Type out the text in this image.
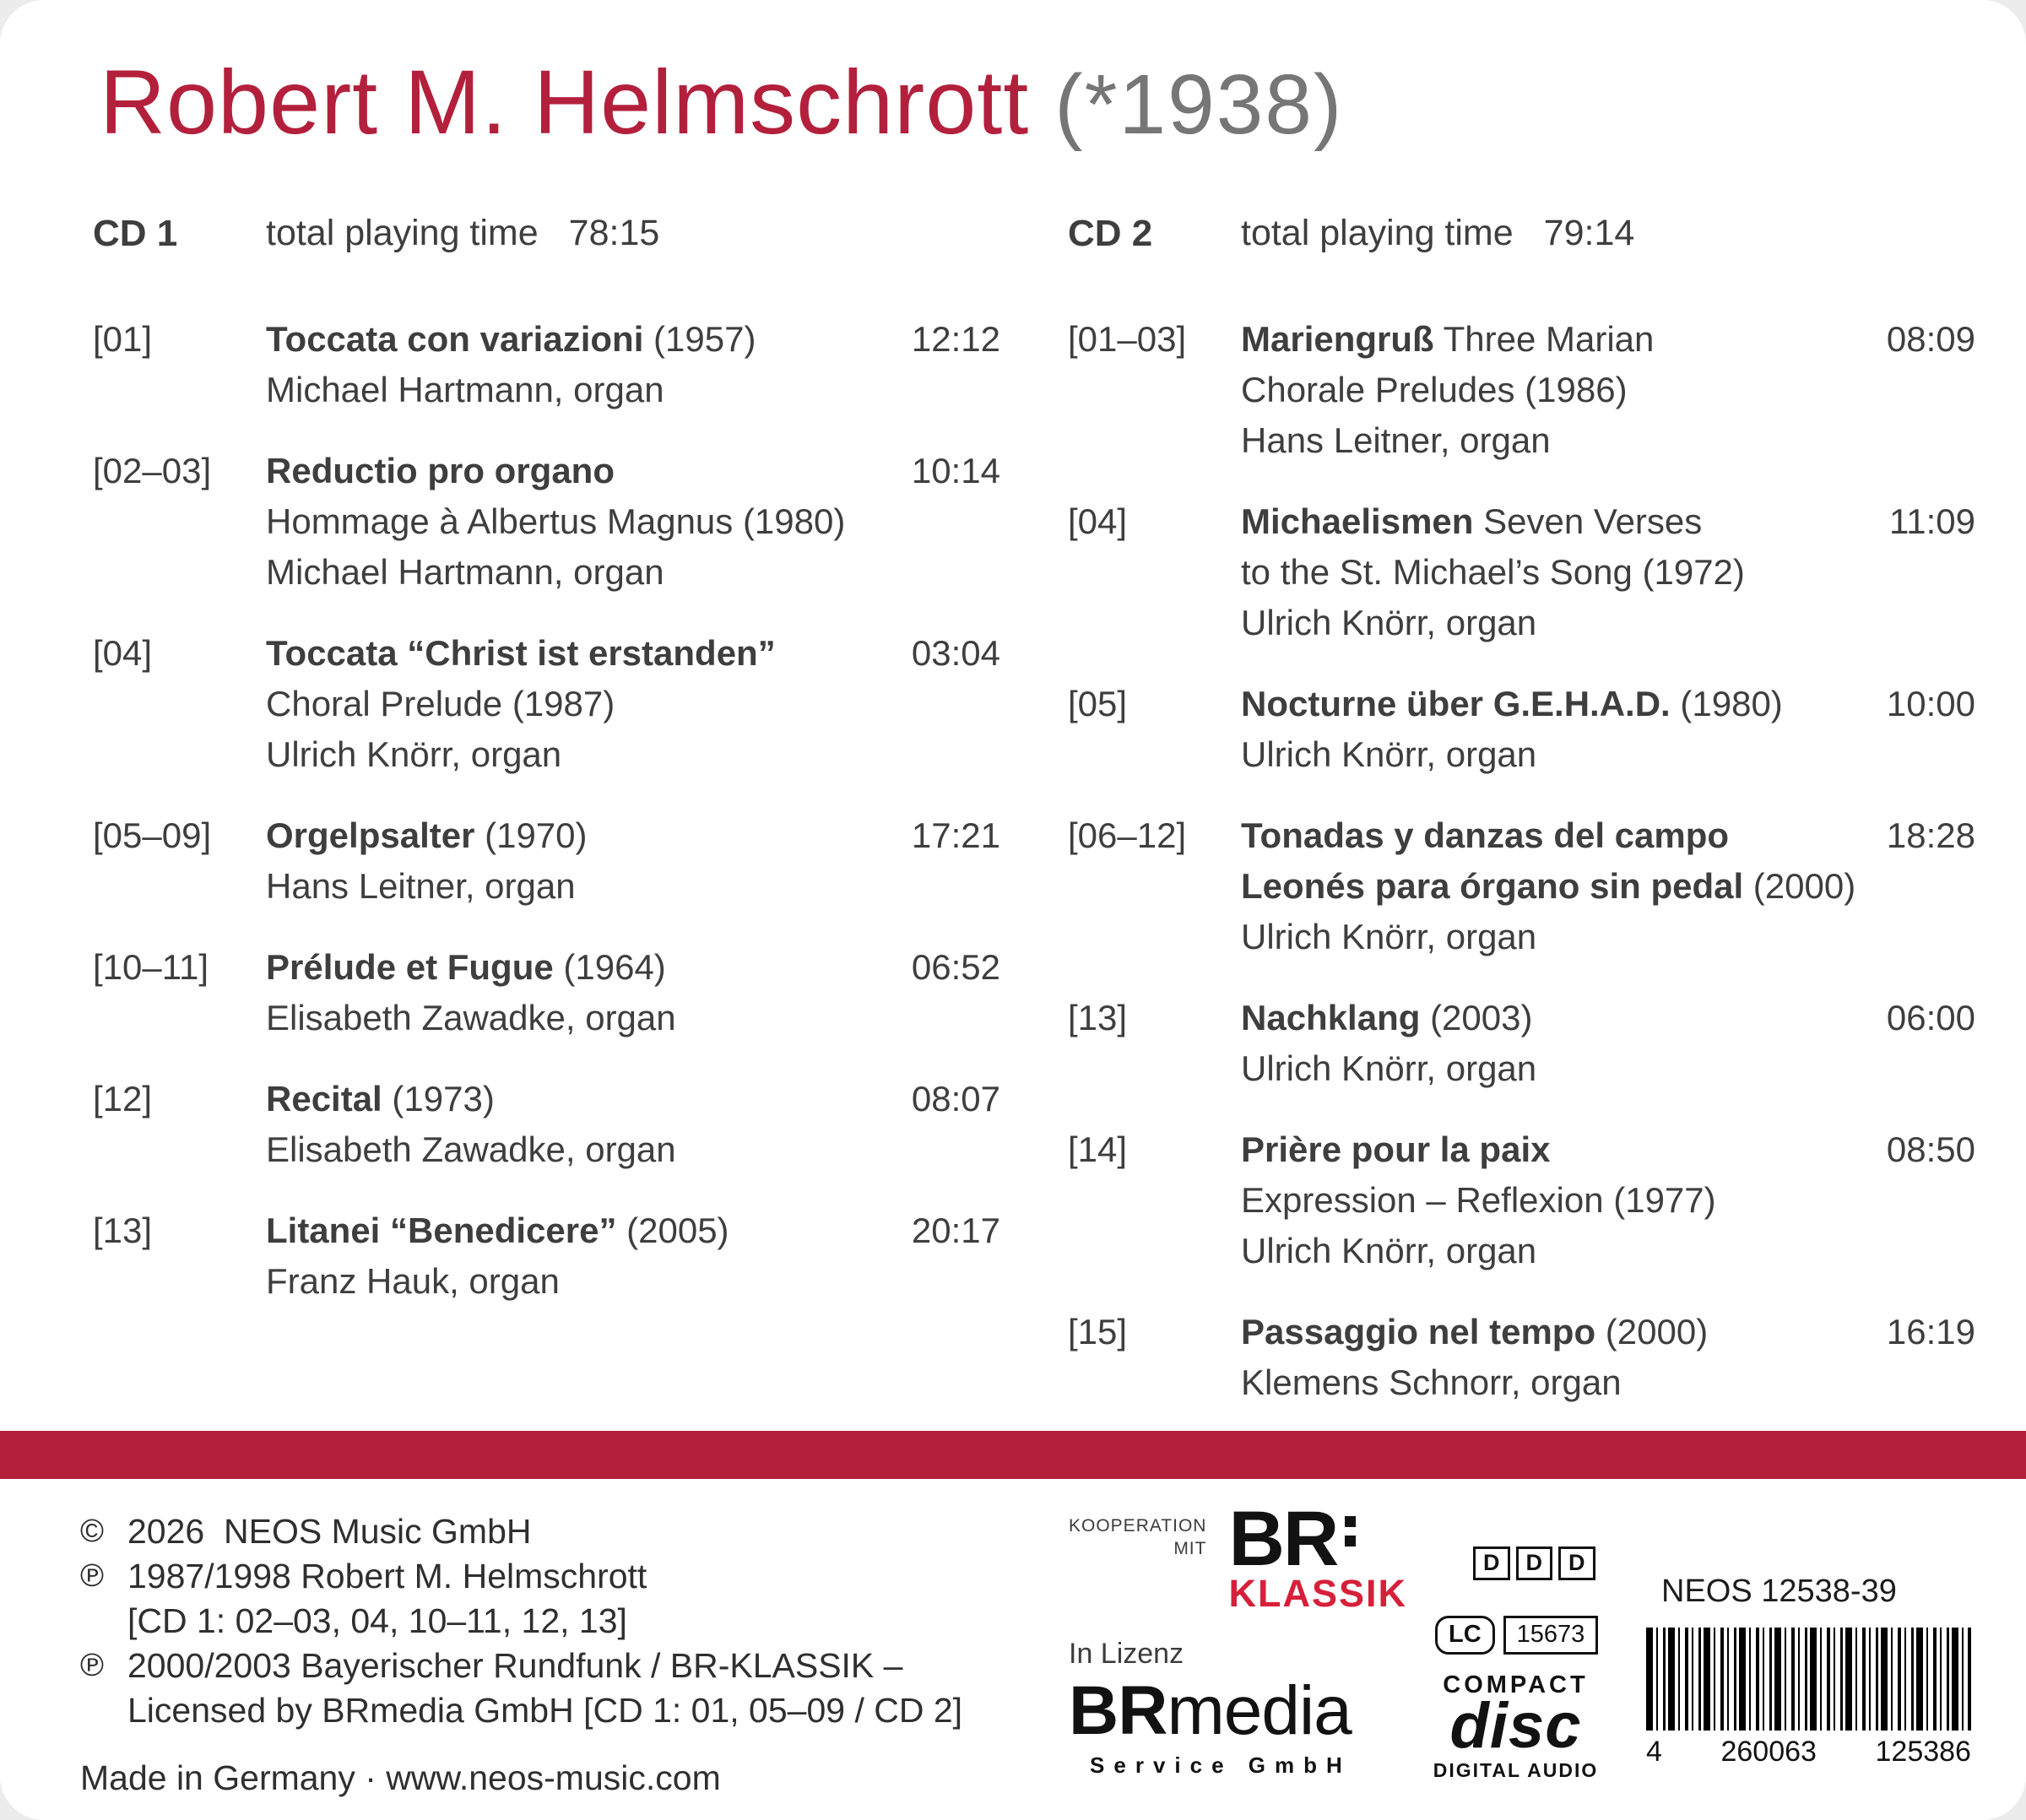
Robert M. Helmschrott (*1938)
CD 1	total playing time 78:15
[01]	Toccata con variazioni (1957)
Michael Hartmann, organ
12:12
[02–03]	Reductio pro organo
Hommage à Albertus Magnus (1980)
Michael Hartmann, organ
10:14
[04]	Toccata “Christ ist erstanden”
Choral Prelude (1987)
Ulrich Knörr, organ
03:04
[05–09]	Orgelpsalter (1970)
Hans Leitner, organ
17:21
[10–11]	Prélude et Fugue (1964)
Elisabeth Zawadke, organ
06:52
[12]	Recital (1973)
Elisabeth Zawadke, organ
08:07
[13]	Litanei “Benedicere” (2005)
Franz Hauk, organ
20:17
CD 2	total playing time 79:14
[01–03]	Mariengruß Three Marian
Chorale Preludes (1986)
Hans Leitner, organ
08:09
[04]	Michaelismen Seven Verses
to the St. Michael’s Song (1972)
Ulrich Knörr, organ
11:09
[05]	Nocturne über G.E.H.A.D. (1980)
Ulrich Knörr, organ
10:00
[06–12]	Tonadas y danzas del campo
Leonés para órgano sin pedal (2000)
Ulrich Knörr, organ
18:28
[13]	Nachklang (2003)
Ulrich Knörr, organ
06:00
[14]	Prière pour la paix
Expression – Reflexion (1977)
Ulrich Knörr, organ
08:50
[15]	Passaggio nel tempo (2000)
Klemens Schnorr, organ
16:19
© 2026  NEOS Music GmbH
℗ 1987/1998 Robert M. Helmschrott
[CD 1: 02–03, 04, 10–11, 12, 13]
℗ 2000/2003 Bayerischer Rundfunk / BR-KLASSIK –
Licensed by BRmedia GmbH [CD 1: 01, 05–09 / CD 2]
Made in Germany · www.neos-music.com
KOOPERATION
MIT BR
KLASSIK
In Lizenz
BRmedia
Service GmbH
D	D	D
LC	15673
COMPACT
disc
DIGITAL AUDIO
NEOS 12538-39
4 260063 125386
